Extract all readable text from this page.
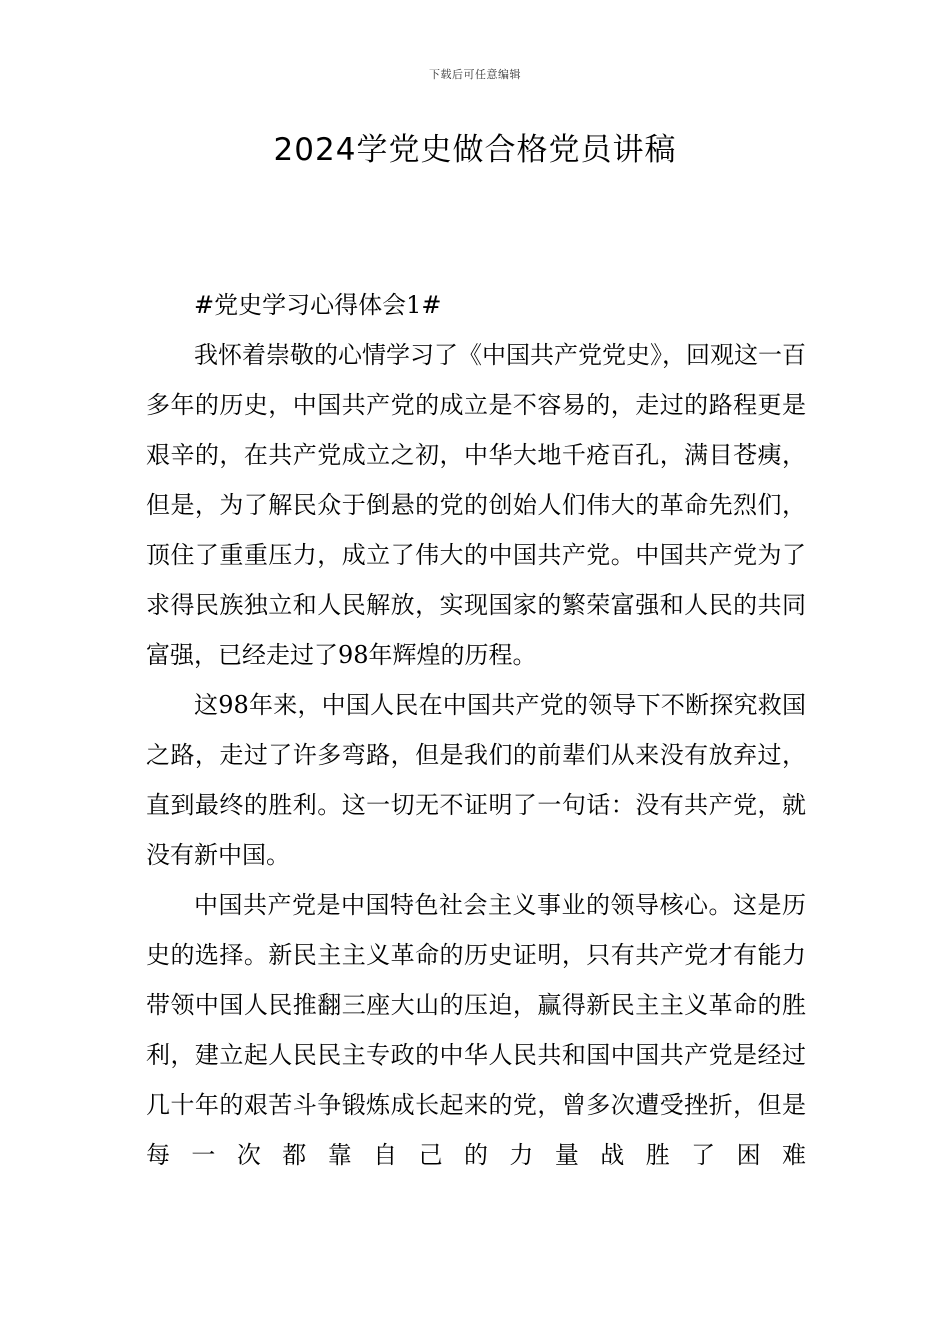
下载后可任意编辑
2024学党史做合格党员讲稿

#党史学习心得体会1#

我怀着崇敬的心情学习了《中国共产党党史》，回观这一百多年的历史，中国共产党的成立是不容易的，走过的路程更是艰辛的，在共产党成立之初，中华大地千疮百孔，满目苍痍，但是，为了解民众于倒悬的党的创始人们伟大的革命先烈们，顶住了重重压力，成立了伟大的中国共产党。中国共产党为了求得民族独立和人民解放，实现国家的繁荣富强和人民的共同富强，已经走过了98年辉煌的历程。

这98年来，中国人民在中国共产党的领导下不断探究救国之路，走过了许多弯路，但是我们的前辈们从来没有放弃过，直到最终的胜利。这一切无不证明了一句话：没有共产党，就没有新中国。

中国共产党是中国特色社会主义事业的领导核心。这是历史的选择。新民主主义革命的历史证明，只有共产党才有能力带领中国人民推翻三座大山的压迫，赢得新民主主义革命的胜利，建立起人民民主专政的中华人民共和国中国共产党是经过几十年的艰苦斗争锻炼成长起来的党，曾多次遭受挫折，但是每一次都靠自己的力量战胜了困难
